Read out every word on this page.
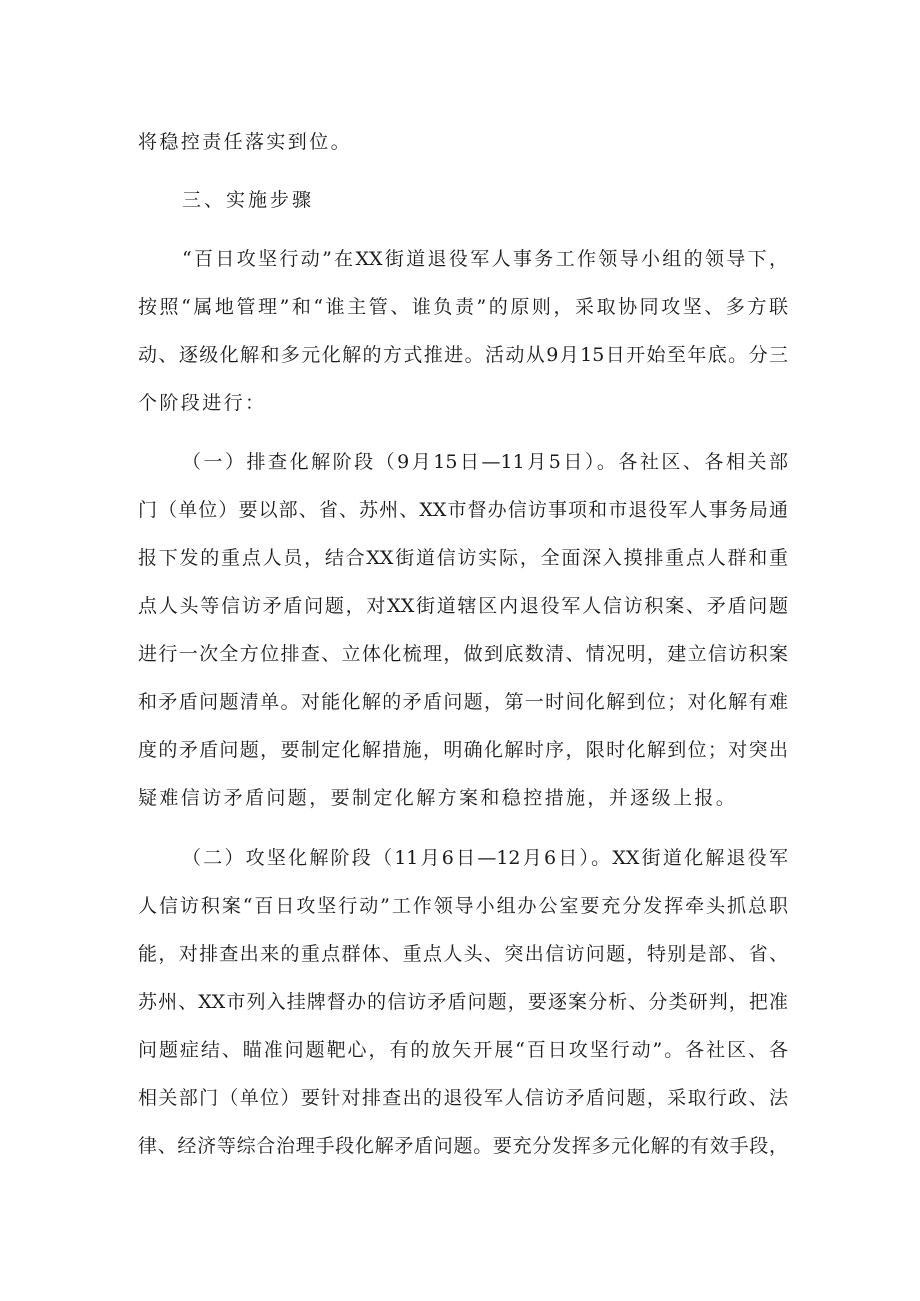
将稳控责任落实到位。

三、实施步骤

“百日攻坚行动”在XX街道退役军人事务工作领导小组的领导下，

按照“属地管理”和“谁主管、谁负责”的原则，采取协同攻坚、多方联

动、逐级化解和多元化解的方式推进。活动从9月15日开始至年底。分三

个阶段进行：

（一）排查化解阶段（9月15日—11月5日）。各社区、各相关部

门（单位）要以部、省、苏州、XX市督办信访事项和市退役军人事务局通

报下发的重点人员，结合XX街道信访实际，全面深入摸排重点人群和重

点人头等信访矛盾问题，对XX街道辖区内退役军人信访积案、矛盾问题

进行一次全方位排查、立体化梳理，做到底数清、情况明，建立信访积案

和矛盾问题清单。对能化解的矛盾问题，第一时间化解到位；对化解有难

度的矛盾问题，要制定化解措施，明确化解时序，限时化解到位；对突出

疑难信访矛盾问题，要制定化解方案和稳控措施，并逐级上报。

（二）攻坚化解阶段（11月6日—12月6日）。XX街道化解退役军

人信访积案“百日攻坚行动”工作领导小组办公室要充分发挥牵头抓总职

能，对排查出来的重点群体、重点人头、突出信访问题，特别是部、省、

苏州、XX市列入挂牌督办的信访矛盾问题，要逐案分析、分类研判，把准

问题症结、瞄准问题靶心，有的放矢开展“百日攻坚行动”。各社区、各

相关部门（单位）要针对排查出的退役军人信访矛盾问题，采取行政、法

律、经济等综合治理手段化解矛盾问题。要充分发挥多元化解的有效手段，
